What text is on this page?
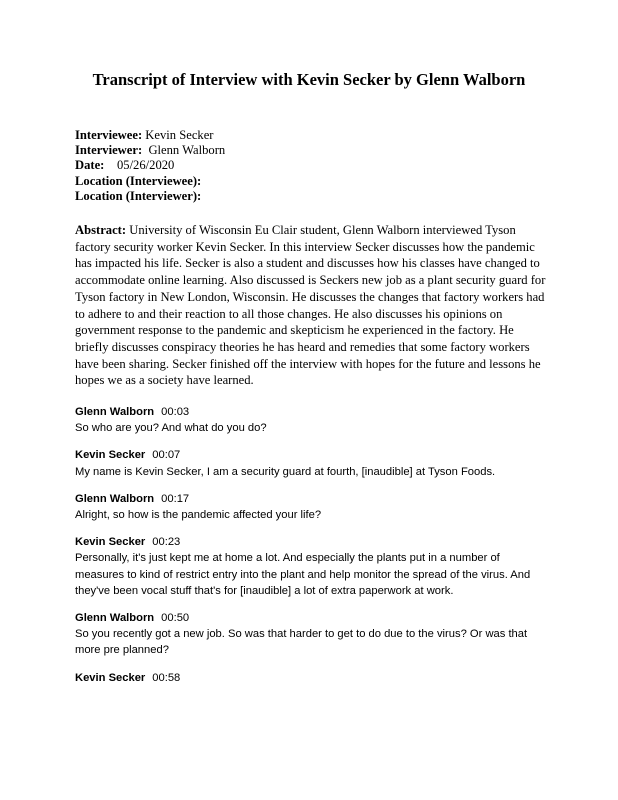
Transcript of Interview with Kevin Secker by Glenn Walborn
Interviewee: Kevin Secker
Interviewer: Glenn Walborn
Date: 05/26/2020
Location (Interviewee):
Location (Interviewer):
Abstract: University of Wisconsin Eu Clair student, Glenn Walborn interviewed Tyson factory security worker Kevin Secker. In this interview Secker discusses how the pandemic has impacted his life. Secker is also a student and discusses how his classes have changed to accommodate online learning. Also discussed is Seckers new job as a plant security guard for Tyson factory in New London, Wisconsin. He discusses the changes that factory workers had to adhere to and their reaction to all those changes. He also discusses his opinions on government response to the pandemic and skepticism he experienced in the factory. He briefly discusses conspiracy theories he has heard and remedies that some factory workers have been sharing. Secker finished off the interview with hopes for the future and lessons he hopes we as a society have learned.
Glenn Walborn 00:03

So who are you? And what do you do?

Kevin Secker 00:07

My name is Kevin Secker, I am a security guard at fourth, [inaudible] at Tyson Foods.

Glenn Walborn 00:17

Alright, so how is the pandemic affected your life?

Kevin Secker 00:23

Personally, it's just kept me at home a lot. And especially the plants put in a number of measures to kind of restrict entry into the plant and help monitor the spread of the virus. And they've been vocal stuff that's for [inaudible] a lot of extra paperwork at work.

Glenn Walborn 00:50

So you recently got a new job. So was that harder to get to do due to the virus? Or was that more pre planned?

Kevin Secker 00:58
